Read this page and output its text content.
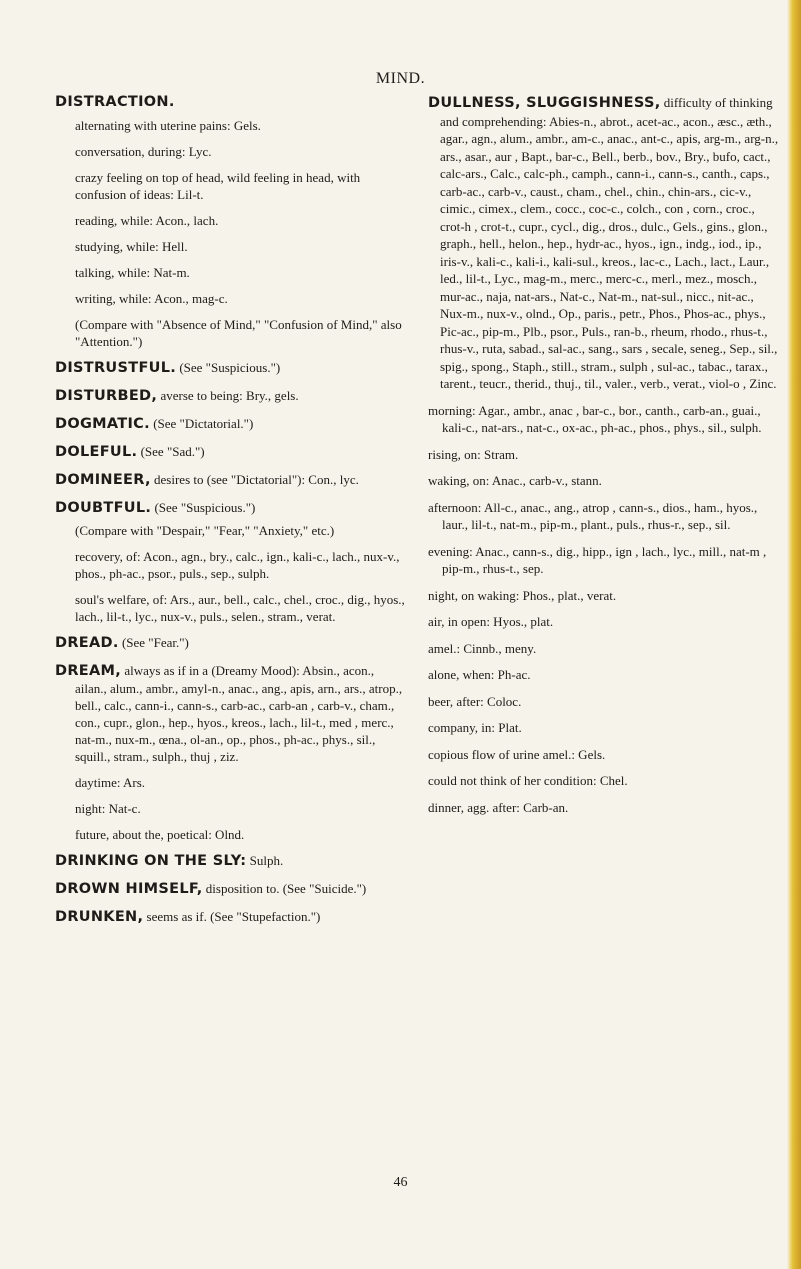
MIND.
DISTRACTION.
alternating with uterine pains: Gels.
conversation, during: Lyc.
crazy feeling on top of head, wild feeling in head, with confusion of ideas: Lil-t.
reading, while: Acon., lach.
studying, while: Hell.
talking, while: Nat-m.
writing, while: Acon., mag-c.
(Compare with "Absence of Mind," "Confusion of Mind," also "Attention.")
DISTRUSTFUL. (See "Suspicious.")
DISTURBED, averse to being: Bry., gels.
DOGMATIC. (See "Dictatorial.")
DOLEFUL. (See "Sad.")
DOMINEER, desires to (see "Dictatorial"): Con., lyc.
DOUBTFUL. (See "Suspicious.")
(Compare with "Despair," "Fear," "Anxiety," etc.)
recovery, of: Acon., agn., bry., calc., ign., kali-c., lach., nux-v., phos., ph-ac., psor., puls., sep., sulph.
soul's welfare, of: Ars., aur., bell., calc., chel., croc., dig., hyos., lach., lil-t., lyc., nux-v., puls., selen., stram., verat.
DREAD. (See "Fear.")
DREAM, always as if in a (Dreamy Mood): Absin., acon., ailan., alum., ambr., amyl-n., anac., ang., apis, arn., ars., atrop., bell., calc., cann-i., cann-s., carb-ac., carb-an , carb-v., cham., con., cupr., glon., hep., hyos., kreos., lach., lil-t., med , merc., nat-m., nux-m., œna., ol-an., op., phos., ph-ac., phys., sil., squill., stram., sulph., thuj , ziz.
daytime: Ars.
night: Nat-c.
future, about the, poetical: Olnd.
DRINKING ON THE SLY: Sulph.
DROWN HIMSELF, disposition to. (See "Suicide.")
DRUNKEN, seems as if. (See "Stupefaction.")
DULLNESS, SLUGGISHNESS, difficulty of thinking and comprehending: Abies-n., abrot., acet-ac., acon., æsc., æth., agar., agn., alum., ambr., am-c., anac., ant-c., apis, arg-m., arg-n., ars., asar., aur , Bapt., bar-c., Bell., berb., bov., Bry., bufo, cact., calc-ars., Calc., calc-ph., camph., cann-i., cann-s., canth., caps., carb-ac., carb-v., caust., cham., chel., chin., chin-ars., cic-v., cimic., cimex., clem., cocc., coc-c., colch., con , corn., croc., crot-h , crot-t., cupr., cycl., dig., dros., dulc., Gels., gins., glon., graph., hell., helon., hep., hydr-ac., hyos., ign., indg., iod., ip., iris-v., kali-c., kali-i., kali-sul., kreos., lac-c., Lach., lact., Laur., led., lil-t., Lyc., mag-m., merc., merc-c., merl., mez., mosch., mur-ac., naja, nat-ars., Nat-c., Nat-m., nat-sul., nicc., nit-ac., Nux-m., nux-v., olnd., Op., paris., petr., Phos., Phos-ac., phys., Pic-ac., pip-m., Plb., psor., Puls., ran-b., rheum, rhodo., rhus-t., rhus-v., ruta, sabad., sal-ac., sang., sars , secale, seneg., Sep., sil., spig., spong., Staph., still., stram., sulph , sul-ac., tabac., tarax., tarent., teucr., therid., thuj., til., valer., verb., verat., viol-o , Zinc.
morning: Agar., ambr., anac , bar-c., bor., canth., carb-an., guai., kali-c., nat-ars., nat-c., ox-ac., ph-ac., phos., phys., sil., sulph.
rising, on: Stram.
waking, on: Anac., carb-v., stann.
afternoon: All-c., anac., ang., atrop , cann-s., dios., ham., hyos., laur., lil-t., nat-m., pip-m., plant., puls., rhus-r., sep., sil.
evening: Anac., cann-s., dig., hipp., ign , lach., lyc., mill., nat-m , pip-m., rhus-t., sep.
night, on waking: Phos., plat., verat.
air, in open: Hyos., plat.
amel.: Cinnb., meny.
alone, when: Ph-ac.
beer, after: Coloc.
company, in: Plat.
copious flow of urine amel.: Gels.
could not think of her condition: Chel.
dinner, agg. after: Carb-an.
46
